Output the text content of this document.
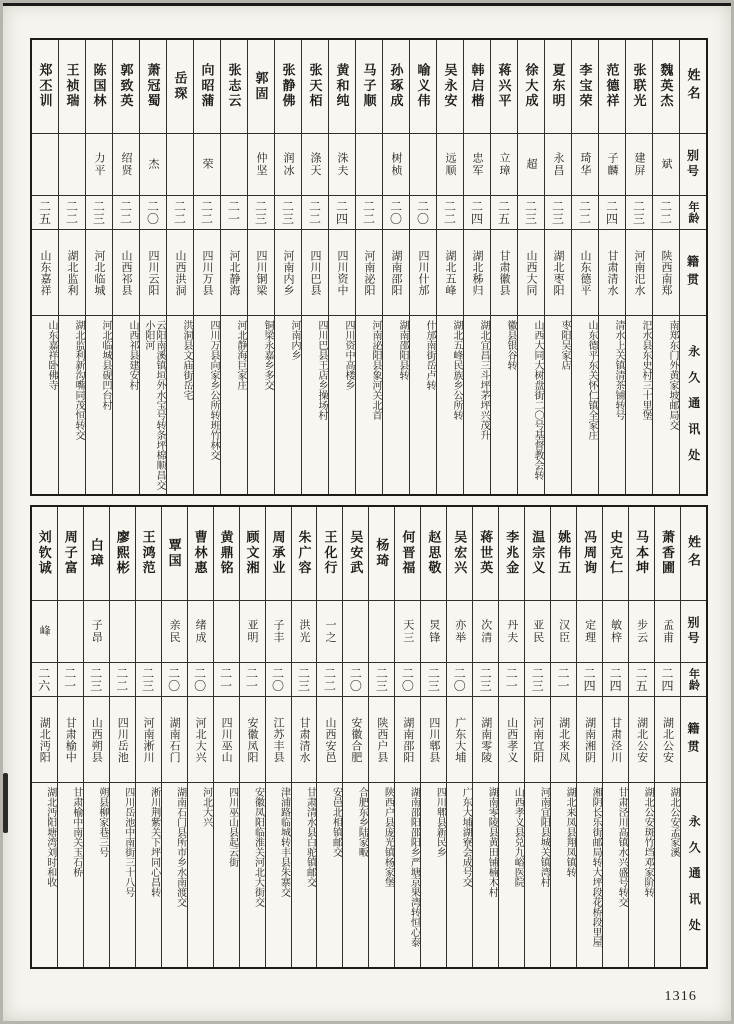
姓名
别号
年龄
籍贯
永久通讯处
魏英杰
斌
二二
陕西南郑
南郑东门外黄家坡邮局交
张联光
建屏
二三
河南汜水
汜水县东史村三十里堡
范德祥
子麟
二四
甘肃清水
清水上关镇清茶铺转号
李宝荣
琦华
二二
山东德平
山东德平东关怀仁镇全家庄
夏东明
永昌
二三
湖北枣阳
枣阳吴家店
徐大成
超
二三
山西大同
山西大同大树盘街二〇号基督教会转
蒋兴平
立璋
二五
甘肃徽县
徽县银谷转
韩启楷
忠军
二四
湖北秭归
湖北宜昌三斗坪茅坪兴茂升
吴永安
远顺
二二
湖北五峰
湖北五峰民族乡公所转
喻义伟
二〇
四川什邡
什邡南街岳卢转
孙琢成
树桢
二〇
湖南邵阳
湖南邵阳县转
马子顺
二二
河南泌阳
河南泌阳县象河关北首
黄和纯
洙夫
二四
四川资中
四川资中高楼乡
张天栢
涤天
二二
四川巴县
四川巴县王店乡操场村
张静佛
润冰
二三
河南内乡
河南内乡
郭固
仲坚
二三
四川铜梁
铜梁永嘉乡多交
张志云
二一
河北静海
河北静海巨家庄
向昭蒲
荣
二二
四川万县
四川万县向家乡公所转班竹林交
岳琛
二二
山西洪洞
洪洞县文庙街岳宅
萧冠蜀
杰
二〇
四川云阳
云阳南溪镇垣外水宝号转条坪棉顺昌交小阳河
郭致英
绍贤
二二
山西祁县
山西祁县建安村
陈国林
力平
二三
河北临城
河北临城县砚凹台村
王祯瑞
二二
湖北监利
湖北监利新沟嘴同茂恒转交
郑丕训
二五
山东嘉祥
山东嘉祥卧佛寺
姓名
别号
年龄
籍贯
永久通讯处
萧香圃
孟甫
二四
湖北公安
湖北公安孟家溪
马本坤
步云
二五
湖北公安
湖北公安斑竹垱邓家阶转
史克仁
敏梓
二四
甘肃泾川
甘肃泾川高镇水兴盛号转交
冯周询
定理
二四
湖南湘阴
湘阴长乐街邮局转大坪段花桥段里屋
姚伟五
汉臣
二一
湖北来凤
湖北来凤县翔凤镇转
温宗义
亚民
二三
河南宜阳
河南宜阳县城关镇湾村
李兆金
丹夫
二一
山西孝义
山西孝义县兑九峪医院
蒋世英
次清
二三
湖南零陵
湖南零陵县黄田铺楠木村
吴宏兴
亦举
二〇
广东大埔
广东大埔湖寮会成号交
赵思敬
炅锋
二三
四川郫县
四川郫县新民乡
何晋福
天三
二〇
湖南邵阳
湖南邵阳邵阳乡严塘京果湾转恒心泰
杨琦
二三
陕西户县
陕西户县庞光镇杨家堡
吴安武
二〇
安徽合肥
合肥东乡陆家畈
王化行
一之
二二
山西安邑
安邑北相镇邮交
朱广容
洪光
二三
甘肃清水
甘肃清水县白驼镇邮交
周承业
子丰
二〇
江苏丰县
津浦路临城转丰县朱寨交
顾文湘
亚明
二一
安徽凤阳
安徽凤阳临淮关河北大街交
黄鼎铭
二一
四川巫山
四川巫山县起云街
曹林惠
绪成
二〇
河北大兴
河北大兴
覃国
亲民
二〇
湖南石门
湖南石门县所市乡水南渡交
王鸿范
二三
河南淅川
淅川荆紫关下坪同心昌转
廖熙彬
二二
四川岳池
四川岳池中南街三十八号
白璋
子昂
二三
山西朔县
朔县柳家巷三号
周子富
二一
甘肃榆中
甘肃榆中南关玉石桥
刘钦诚
峰
二六
湖北沔阳
湖北沔阳塘湾刘时和收
1316
